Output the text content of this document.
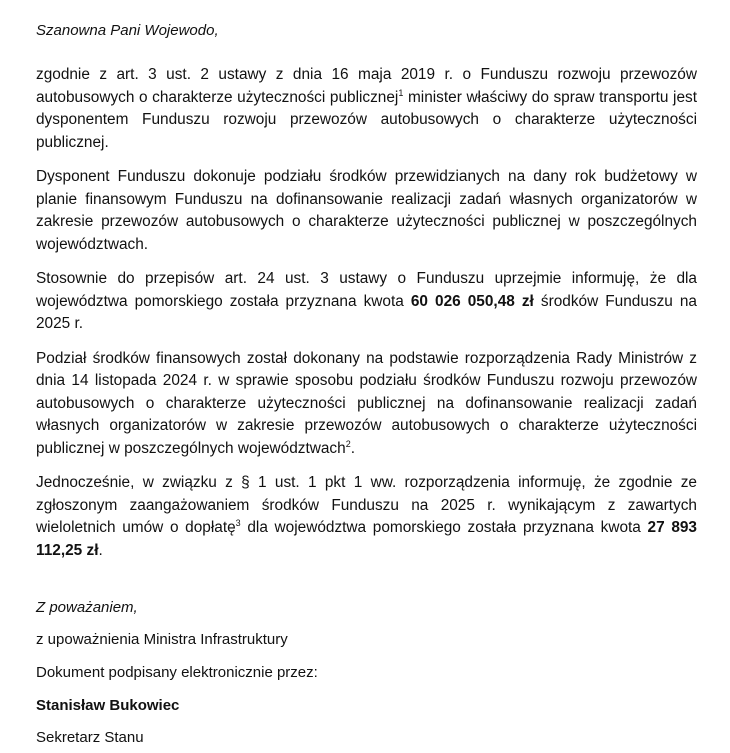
Szanowna Pani Wojewodo,

zgodnie z art. 3 ust. 2 ustawy z dnia 16 maja 2019 r. o Funduszu rozwoju przewozów autobusowych o charakterze użyteczności publicznej$^1$ minister właściwy do spraw transportu jest dysponentem Funduszu rozwoju przewozów autobusowych o charakterze użyteczności publicznej.

Dysponent Funduszu dokonuje podziału środków przewidzianych na dany rok budżetowy w planie finansowym Funduszu na dofinansowanie realizacji zadań własnych organizatorów w zakresie przewozów autobusowych o charakterze użyteczności publicznej w poszczególnych województwach.

Stosownie do przepisów art. 24 ust. 3 ustawy o Funduszu uprzejmie informuję, że dla województwa pomorskiego została przyznana kwota 60 026 050,48 zł środków Funduszu na 2025 r.

Podział środków finansowych został dokonany na podstawie rozporządzenia Rady Ministrów z dnia 14 listopada 2024 r. w sprawie sposobu podziału środków Funduszu rozwoju przewozów autobusowych o charakterze użyteczności publicznej na dofinansowanie realizacji zadań własnych organizatorów w zakresie przewozów autobusowych o charakterze użyteczności publicznej w poszczególnych województwach$^2$.

Jednocześnie, w związku z § 1 ust. 1 pkt 1 ww. rozporządzenia informuję, że zgodnie ze zgłoszonym zaangażowaniem środków Funduszu na 2025 r. wynikającym z zawartych wieloletnich umów o dopłatę$^3$ dla województwa pomorskiego została przyznana kwota 27 893 112,25 zł.

Z poważaniem,
z upoważnienia Ministra Infrastruktury
Dokument podpisany elektronicznie przez:
Stanisław Bukowiec
Sekretarz Stanu
